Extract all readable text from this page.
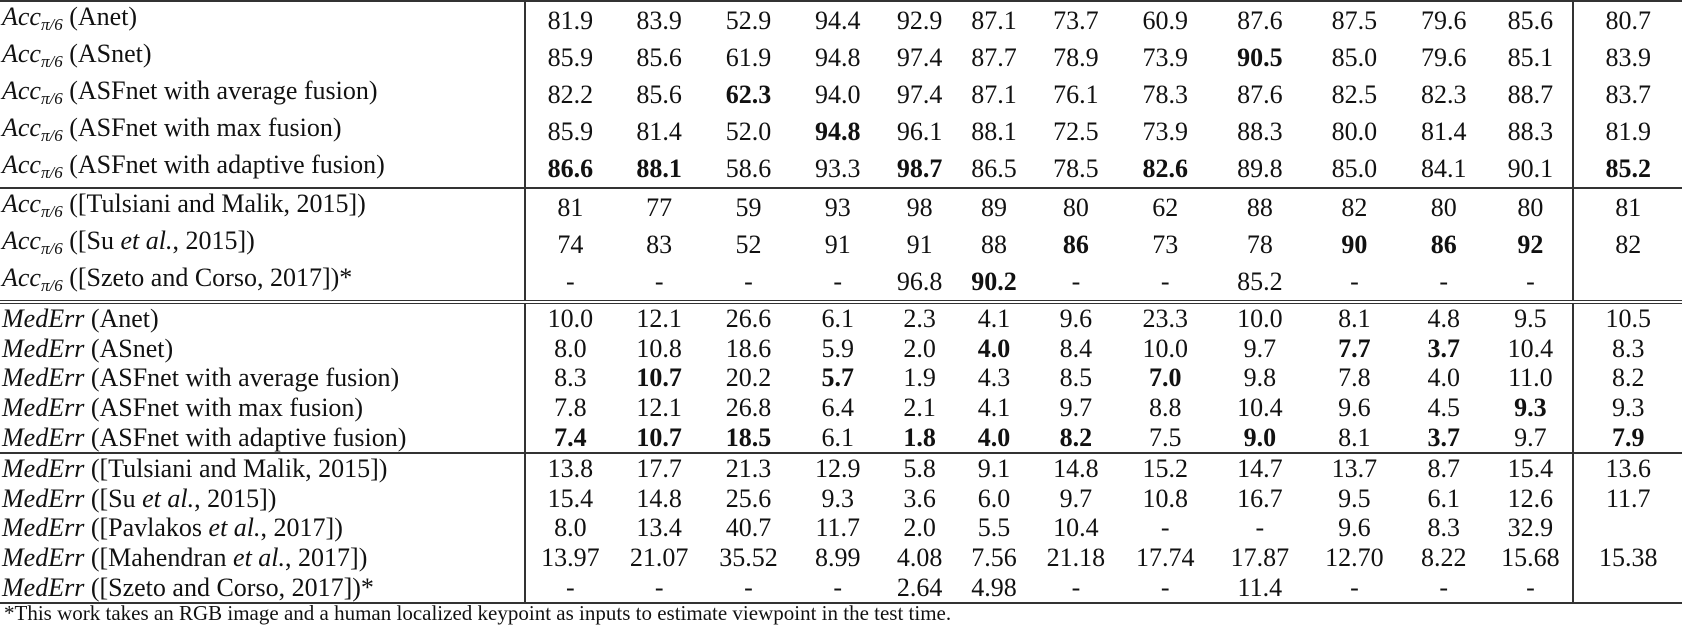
Acc$_{\pi/6}$ (Anet)	81.9	83.9	52.9	94.4	92.9	87.1	73.7	60.9	87.6	87.5	79.6	85.6	80.7
Acc$_{\pi/6}$ (ASnet)	85.9	85.6	61.9	94.8	97.4	87.7	78.9	73.9	90.5	85.0	79.6	85.1	83.9
Acc$_{\pi/6}$ (ASFnet with average fusion)	82.2	85.6	62.3	94.0	97.4	87.1	76.1	78.3	87.6	82.5	82.3	88.7	83.7
Acc$_{\pi/6}$ (ASFnet with max fusion)	85.9	81.4	52.0	94.8	96.1	88.1	72.5	73.9	88.3	80.0	81.4	88.3	81.9
Acc$_{\pi/6}$ (ASFnet with adaptive fusion)	86.6	88.1	58.6	93.3	98.7	86.5	78.5	82.6	89.8	85.0	84.1	90.1	85.2
Acc$_{\pi/6}$ ([Tulsiani and Malik, 2015])	81	77	59	93	98	89	80	62	88	82	80	80	81
Acc$_{\pi/6}$ ([Su et al., 2015])	74	83	52	91	91	88	86	73	78	90	86	92	82
Acc$_{\pi/6}$ ([Szeto and Corso, 2017])*	-	-	-	-	96.8	90.2	-	-	85.2	-	-	-	
MedErr (Anet)	10.0	12.1	26.6	6.1	2.3	4.1	9.6	23.3	10.0	8.1	4.8	9.5	10.5
MedErr (ASnet)	8.0	10.8	18.6	5.9	2.0	4.0	8.4	10.0	9.7	7.7	3.7	10.4	8.3
MedErr (ASFnet with average fusion)	8.3	10.7	20.2	5.7	1.9	4.3	8.5	7.0	9.8	7.8	4.0	11.0	8.2
MedErr (ASFnet with max fusion)	7.8	12.1	26.8	6.4	2.1	4.1	9.7	8.8	10.4	9.6	4.5	9.3	9.3
MedErr (ASFnet with adaptive fusion)	7.4	10.7	18.5	6.1	1.8	4.0	8.2	7.5	9.0	8.1	3.7	9.7	7.9
MedErr ([Tulsiani and Malik, 2015])	13.8	17.7	21.3	12.9	5.8	9.1	14.8	15.2	14.7	13.7	8.7	15.4	13.6
MedErr ([Su et al., 2015])	15.4	14.8	25.6	9.3	3.6	6.0	9.7	10.8	16.7	9.5	6.1	12.6	11.7
MedErr ([Pavlakos et al., 2017])	8.0	13.4	40.7	11.7	2.0	5.5	10.4	-	-	9.6	8.3	32.9	
MedErr ([Mahendran et al., 2017])	13.97	21.07	35.52	8.99	4.08	7.56	21.18	17.74	17.87	12.70	8.22	15.68	15.38
MedErr ([Szeto and Corso, 2017])*	-	-	-	-	2.64	4.98	-	-	11.4	-	-	-	
*This work takes an RGB image and a human localized keypoint as inputs to estimate viewpoint in the test time.
